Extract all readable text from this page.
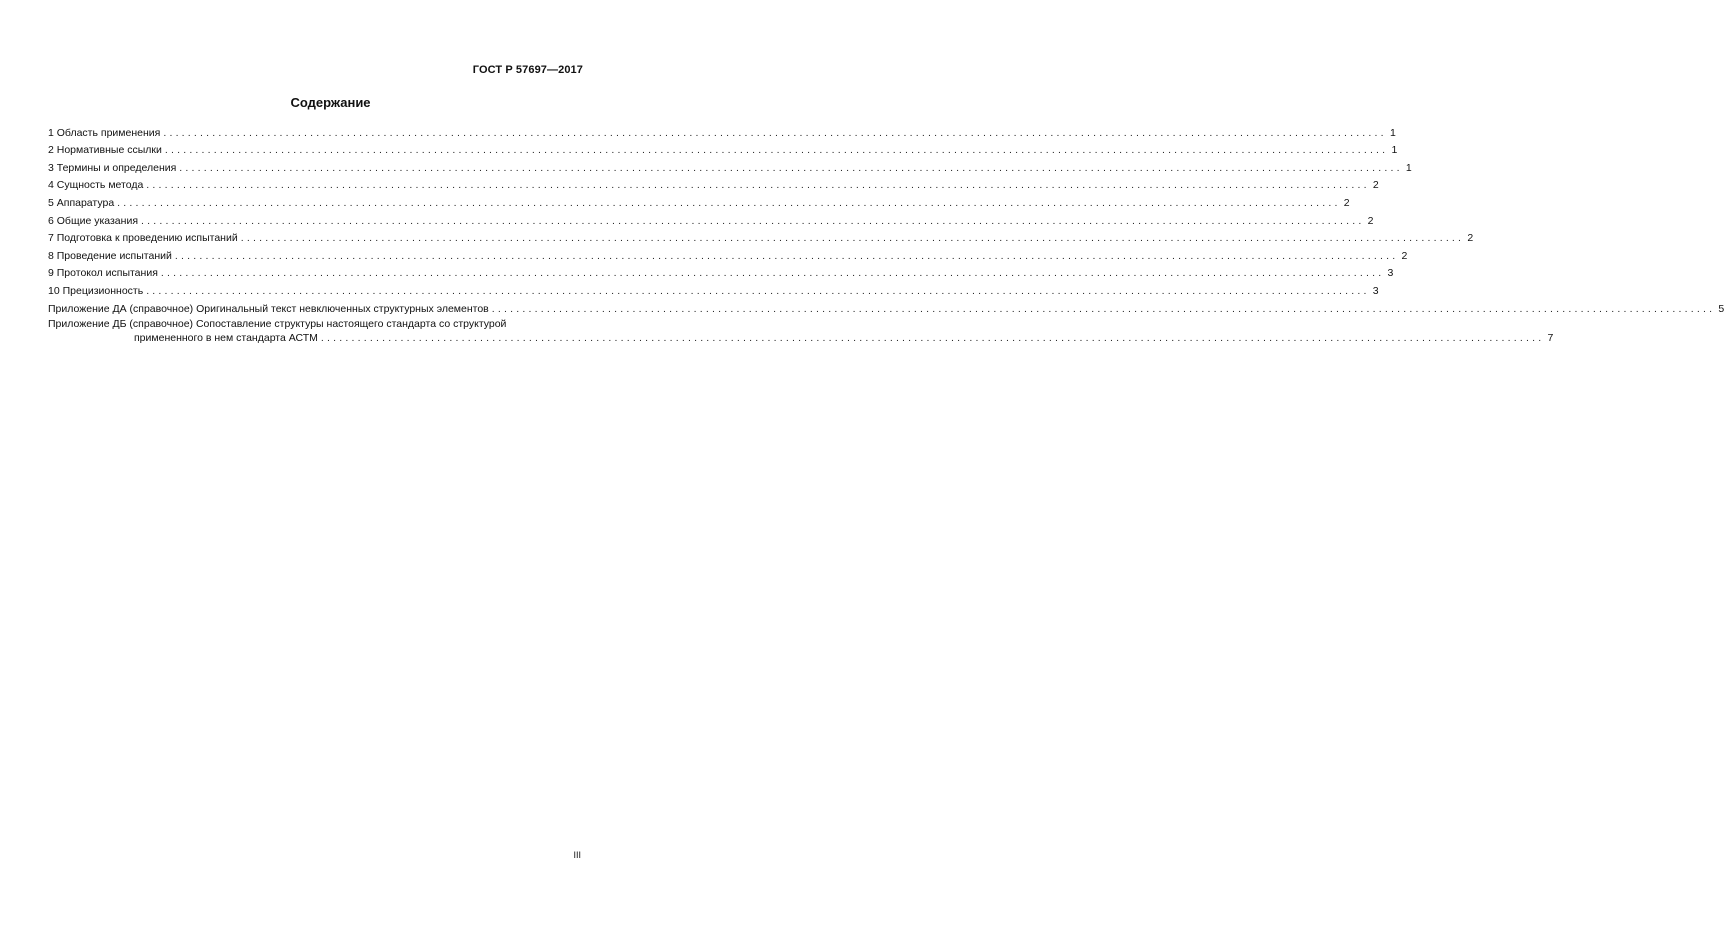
ГОСТ Р 57697—2017
Содержание
1 Область применения ........................................................................................................................................................................................................ 1
2 Нормативные ссылки ........................................................................................................................................................................................................ 1
3 Термины и определения ........................................................................................................................................................................................................ 1
4 Сущность метода ........................................................................................................................................................................................................ 2
5 Аппаратура ........................................................................................................................................................................................................ 2
6 Общие указания ........................................................................................................................................................................................................ 2
7 Подготовка к проведению испытаний ........................................................................................................................................................................................................ 2
8 Проведение испытаний ........................................................................................................................................................................................................ 2
9 Протокол испытания ........................................................................................................................................................................................................ 3
10 Прецизионность ........................................................................................................................................................................................................ 3
Приложение ДА (справочное) Оригинальный текст невключенных структурных элементов ........................................................................................................................................................................................................ 5
Приложение ДБ (справочное) Сопоставление структуры настоящего стандарта со структурой
примененного в нем стандарта АСТМ ........................................................................................................................................................................................................ 7
III
